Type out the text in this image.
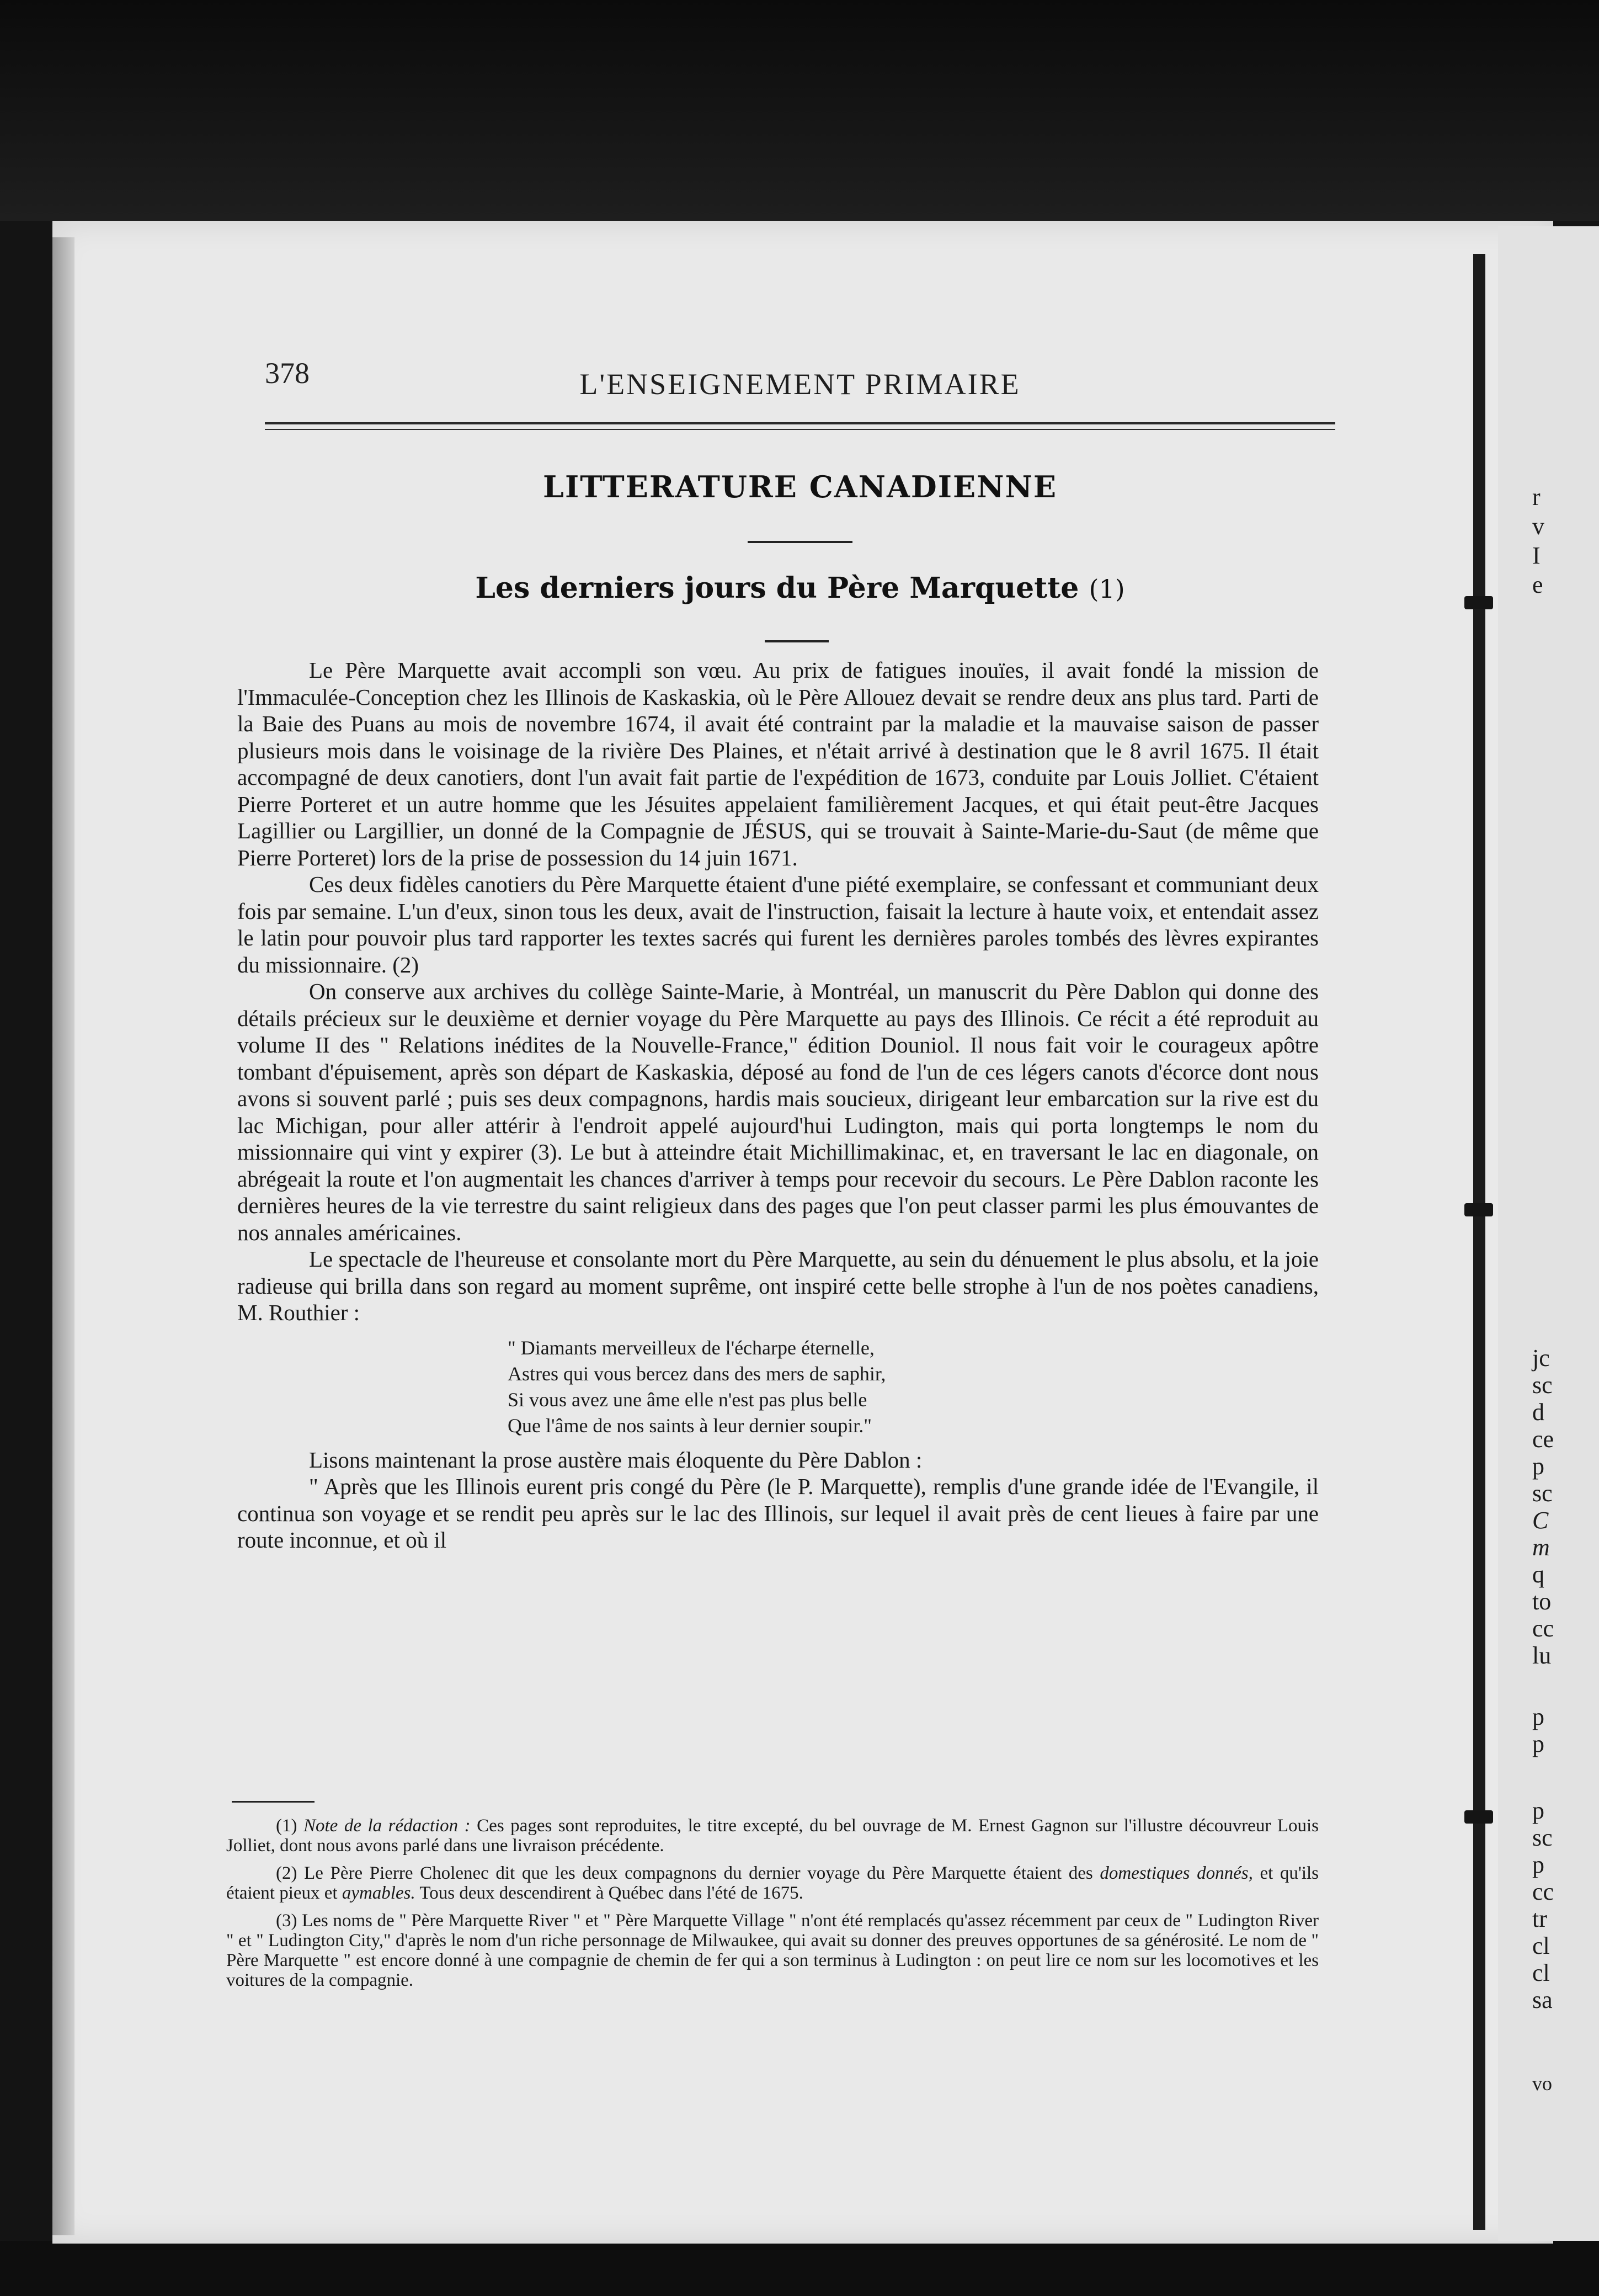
r
v
I
e
jc
sc
d
ce
p
sc
C
m
q
to
cc
lu
p
p
p
sc
p
cc
tr
cl
cl
sa
vo
378	L'ENSEIGNEMENT PRIMAIRE
LITTERATURE CANADIENNE
Les derniers jours du Père Marquette (1)

Le Père Marquette avait accompli son vœu. Au prix de fatigues inouïes, il avait fondé la mission de l'Immaculée-Conception chez les Illinois de Kaskaskia, où le Père Allouez devait se rendre deux ans plus tard. Parti de la Baie des Puans au mois de novembre 1674, il avait été contraint par la maladie et la mauvaise saison de passer plusieurs mois dans le voisinage de la rivière Des Plaines, et n'était arrivé à destination que le 8 avril 1675. Il était accompagné de deux canotiers, dont l'un avait fait partie de l'expédition de 1673, conduite par Louis Jolliet. C'étaient Pierre Porteret et un autre homme que les Jésuites appelaient familièrement Jacques, et qui était peut-être Jacques Lagillier ou Largillier, un donné de la Compagnie de JÉSUS, qui se trouvait à Sainte-Marie-du-Saut (de même que Pierre Porteret) lors de la prise de possession du 14 juin 1671.

Ces deux fidèles canotiers du Père Marquette étaient d'une piété exemplaire, se confessant et communiant deux fois par semaine. L'un d'eux, sinon tous les deux, avait de l'instruction, faisait la lecture à haute voix, et entendait assez le latin pour pouvoir plus tard rapporter les textes sacrés qui furent les dernières paroles tombés des lèvres expirantes du missionnaire. (2)

On conserve aux archives du collège Sainte-Marie, à Montréal, un manuscrit du Père Dablon qui donne des détails précieux sur le deuxième et dernier voyage du Père Marquette au pays des Illinois. Ce récit a été reproduit au volume II des " Relations inédites de la Nouvelle-France," édition Douniol. Il nous fait voir le courageux apôtre tombant d'épuisement, après son départ de Kaskaskia, déposé au fond de l'un de ces légers canots d'écorce dont nous avons si souvent parlé ; puis ses deux compagnons, hardis mais soucieux, dirigeant leur embarcation sur la rive est du lac Michigan, pour aller attérir à l'endroit appelé aujourd'hui Ludington, mais qui porta longtemps le nom du missionnaire qui vint y expirer (3). Le but à atteindre était Michillimakinac, et, en traversant le lac en diagonale, on abrégeait la route et l'on augmentait les chances d'arriver à temps pour recevoir du secours. Le Père Dablon raconte les dernières heures de la vie terrestre du saint religieux dans des pages que l'on peut classer parmi les plus émouvantes de nos annales américaines.

Le spectacle de l'heureuse et consolante mort du Père Marquette, au sein du dénuement le plus absolu, et la joie radieuse qui brilla dans son regard au moment suprême, ont inspiré cette belle strophe à l'un de nos poètes canadiens, M. Routhier :

" Diamants merveilleux de l'écharpe éternelle,
Astres qui vous bercez dans des mers de saphir,
Si vous avez une âme elle n'est pas plus belle
Que l'âme de nos saints à leur dernier soupir."

Lisons maintenant la prose austère mais éloquente du Père Dablon :

" Après que les Illinois eurent pris congé du Père (le P. Marquette), remplis d'une grande idée de l'Evangile, il continua son voyage et se rendit peu après sur le lac des Illinois, sur lequel il avait près de cent lieues à faire par une route inconnue, et où il

(1) Note de la rédaction : Ces pages sont reproduites, le titre excepté, du bel ouvrage de M. Ernest Gagnon sur l'illustre découvreur Louis Jolliet, dont nous avons parlé dans une livraison précédente.

(2) Le Père Pierre Cholenec dit que les deux compagnons du dernier voyage du Père Marquette étaient des domestiques donnés, et qu'ils étaient pieux et aymables. Tous deux descendirent à Québec dans l'été de 1675.

(3) Les noms de " Père Marquette River " et " Père Marquette Village " n'ont été remplacés qu'assez récemment par ceux de " Ludington River " et " Ludington City," d'après le nom d'un riche personnage de Milwaukee, qui avait su donner des preuves opportunes de sa générosité. Le nom de " Père Marquette " est encore donné à une compagnie de chemin de fer qui a son terminus à Ludington : on peut lire ce nom sur les locomotives et les voitures de la compagnie.
